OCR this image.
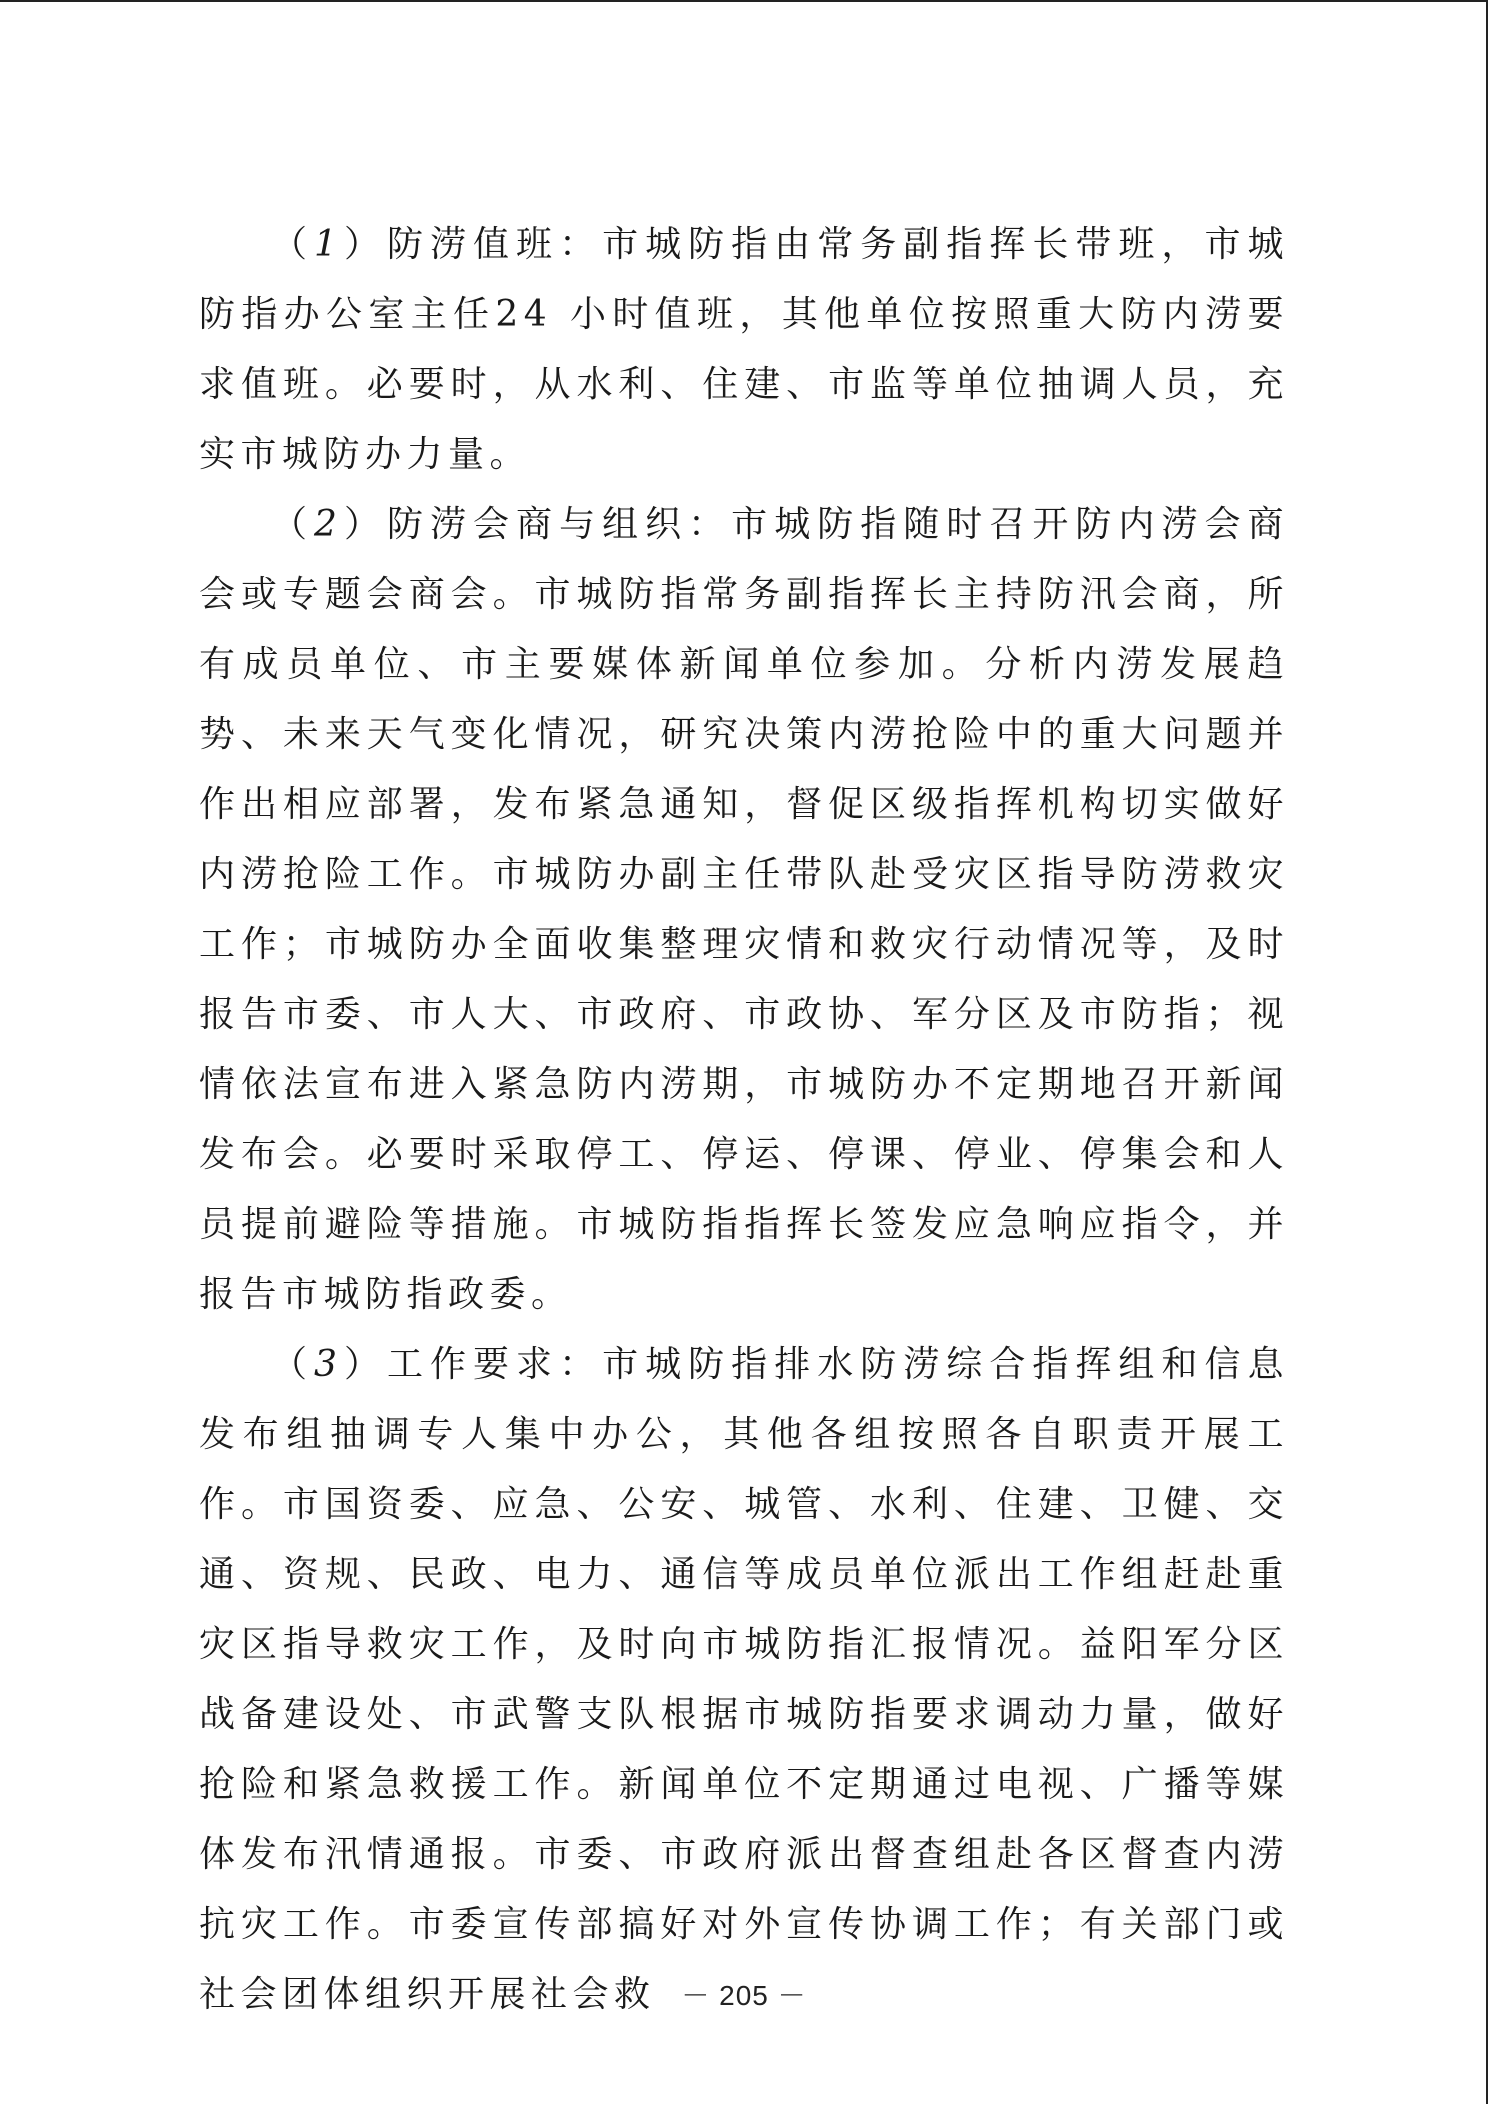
（1）防涝值班：市城防指由常务副指挥长带班，市城防指办公室主任24 小时值班，其他单位按照重大防内涝要求值班。必要时，从水利、住建、市监等单位抽调人员，充实市城防办力量。

（2）防涝会商与组织：市城防指随时召开防内涝会商会或专题会商会。市城防指常务副指挥长主持防汛会商，所有成员单位、市主要媒体新闻单位参加。分析内涝发展趋势、未来天气变化情况，研究决策内涝抢险中的重大问题并作出相应部署，发布紧急通知，督促区级指挥机构切实做好内涝抢险工作。市城防办副主任带队赴受灾区指导防涝救灾工作；市城防办全面收集整理灾情和救灾行动情况等，及时报告市委、市人大、市政府、市政协、军分区及市防指；视情依法宣布进入紧急防内涝期，市城防办不定期地召开新闻发布会。必要时采取停工、停运、停课、停业、停集会和人员提前避险等措施。市城防指指挥长签发应急响应指令，并报告市城防指政委。

（3）工作要求：市城防指排水防涝综合指挥组和信息发布组抽调专人集中办公，其他各组按照各自职责开展工作。市国资委、应急、公安、城管、水利、住建、卫健、交通、资规、民政、电力、通信等成员单位派出工作组赶赴重灾区指导救灾工作，及时向市城防指汇报情况。益阳军分区战备建设处、市武警支队根据市城防指要求调动力量，做好抢险和紧急救援工作。新闻单位不定期通过电视、广播等媒体发布汛情通报。市委、市政府派出督查组赴各区督查内涝抗灾工作。市委宣传部搞好对外宣传协调工作；有关部门或社会团体组织开展社会救 － 205 －
